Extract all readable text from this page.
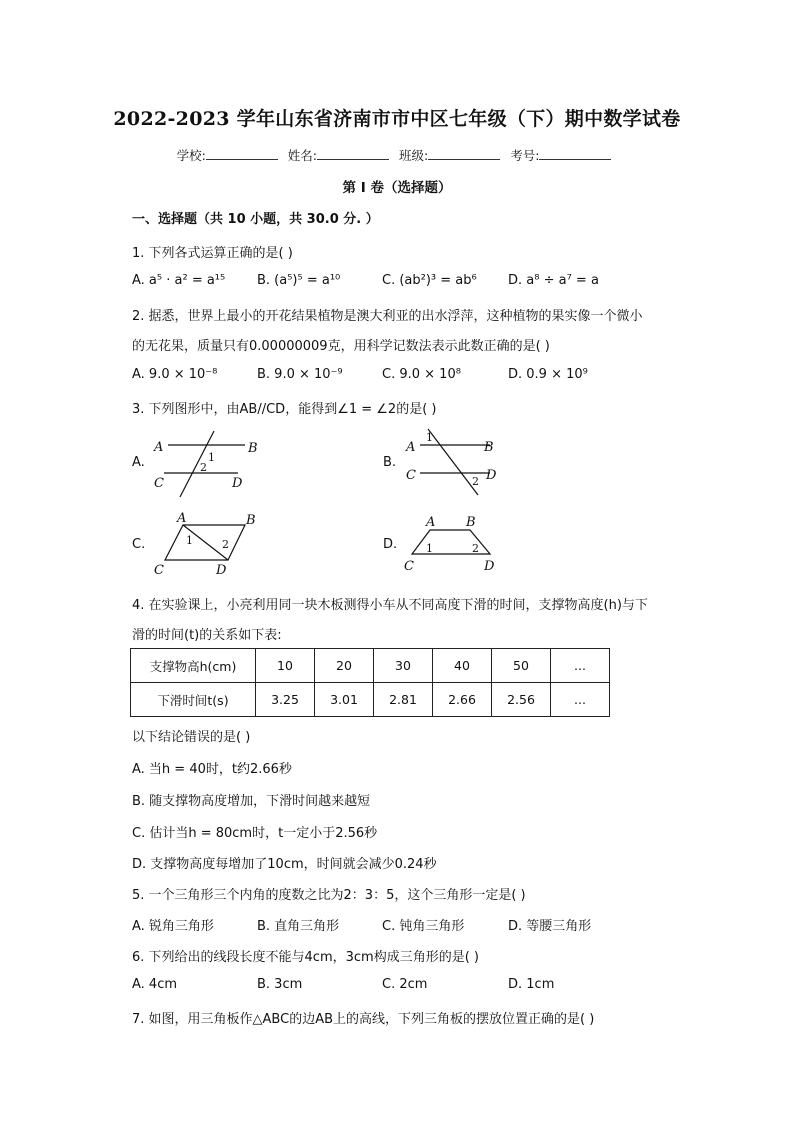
2022-2023 学年山东省济南市市中区七年级（下）期中数学试卷
学校:	姓名:	班级:	考号:
第 I 卷（选择题）
一、选择题（共 10 小题，共 30.0 分. ）
1. 下列各式运算正确的是( )
A. a⁵ · a² = a¹⁵ B. (a⁵)⁵ = a¹⁰	C. (ab²)³ = ab⁶ D. a⁸ ÷ a⁷ = a
2. 据悉，世界上最小的开花结果植物是澳大利亚的出水浮萍，这种植物的果实像一个微小
的无花果，质量只有0.00000009克，用科学记数法表示此数正确的是( )
A. 9.0 × 10⁻⁸	B. 9.0 × 10⁻⁹	C. 9.0 × 10⁸	D. 0.9 × 10⁹
3. 下列图形中，由AB//CD，能得到∠1 = ∠2的是( )
A.
A	B
C	D
1
2	B.
A	B
C	D
1
2
C.
A	B
C	D
1	2	D.
A B
C	D
1	2
4. 在实验课上，小亮利用同一块木板测得小车从不同高度下滑的时间，支撑物高度(h)与下
滑的时间(t)的关系如下表:
支撑物高h(cm)	10	20	30	40	50	...
下滑时间t(s)	3.25	3.01	2.81	2.66	2.56	...
以下结论错误的是( )
A. 当h = 40时，t约2.66秒
B. 随支撑物高度增加，下滑时间越来越短
C. 估计当h = 80cm时，t一定小于2.56秒
D. 支撑物高度每增加了10cm，时间就会减少0.24秒
5. 一个三角形三个内角的度数之比为2：3：5，这个三角形一定是( )
A. 锐角三角形	B. 直角三角形	C. 钝角三角形	D. 等腰三角形
6. 下列给出的线段长度不能与4cm，3cm构成三角形的是( )
A. 4cm	B. 3cm	C. 2cm	D. 1cm
7. 如图，用三角板作△ABC的边AB上的高线，下列三角板的摆放位置正确的是( )
